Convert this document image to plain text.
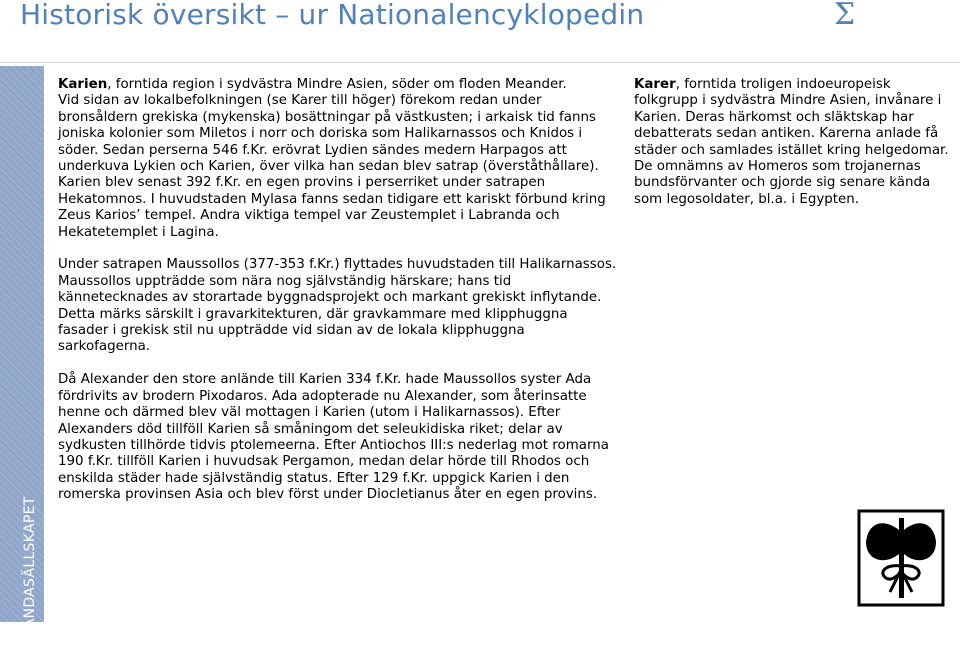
Historisk översikt – ur Nationalencyklopedin	Σ
LABRANDASÄLLSKAPET

Karien, forntida region i sydvästra Mindre Asien, söder om floden Meander.
Vid sidan av lokalbefolkningen (se Karer till höger) förekom redan under bronsåldern grekiska (mykenska) bosättningar på västkusten; i arkaisk tid fanns joniska kolonier som Miletos i norr och doriska som Halikarnassos och Knidos i söder. Sedan perserna 546 f.Kr. erövrat Lydien sändes medern Harpagos att underkuva Lykien och Karien, över vilka han sedan blev satrap (överståthållare). Karien blev senast 392 f.Kr. en egen provins i perserriket under satrapen Hekatomnos. I huvudstaden Mylasa fanns sedan tidigare ett kariskt förbund kring Zeus Karios’ tempel. Andra viktiga tempel var Zeustemplet i Labranda och Hekatetemplet i Lagina.

Under satrapen Maussollos (377-353 f.Kr.) flyttades huvudstaden till Halikarnassos. Maussollos uppträdde som nära nog självständig härskare; hans tid kännetecknades av storartade byggnadsprojekt och markant grekiskt inflytande. Detta märks särskilt i gravarkitekturen, där gravkammare med klipphuggna fasader i grekisk stil nu uppträdde vid sidan av de lokala klipphuggna sarkofagerna.

Då Alexander den store anlände till Karien 334 f.Kr. hade Maussollos syster Ada fördrivits av brodern Pixodaros. Ada adopterade nu Alexander, som återinsatte henne och därmed blev väl mottagen i Karien (utom i Halikarnassos). Efter Alexanders död tillföll Karien så småningom det seleukidiska riket; delar av sydkusten tillhörde tidvis ptolemeerna. Efter Antiochos III:s nederlag mot romarna 190 f.Kr. tillföll Karien i huvudsak Pergamon, medan delar hörde till Rhodos och enskilda städer hade självständig status. Efter 129 f.Kr. uppgick Karien i den romerska provinsen Asia och blev först under Diocletianus åter en egen provins.

Karer, forntida troligen indoeuropeisk folkgrupp i sydvästra Mindre Asien, invånare i Karien. Deras härkomst och släktskap har debatterats sedan antiken. Karerna anlade få städer och samlades istället kring helgedomar. De omnämns av Homeros som trojanernas bundsförvanter och gjorde sig senare kända som legosoldater, bl.a. i Egypten.
